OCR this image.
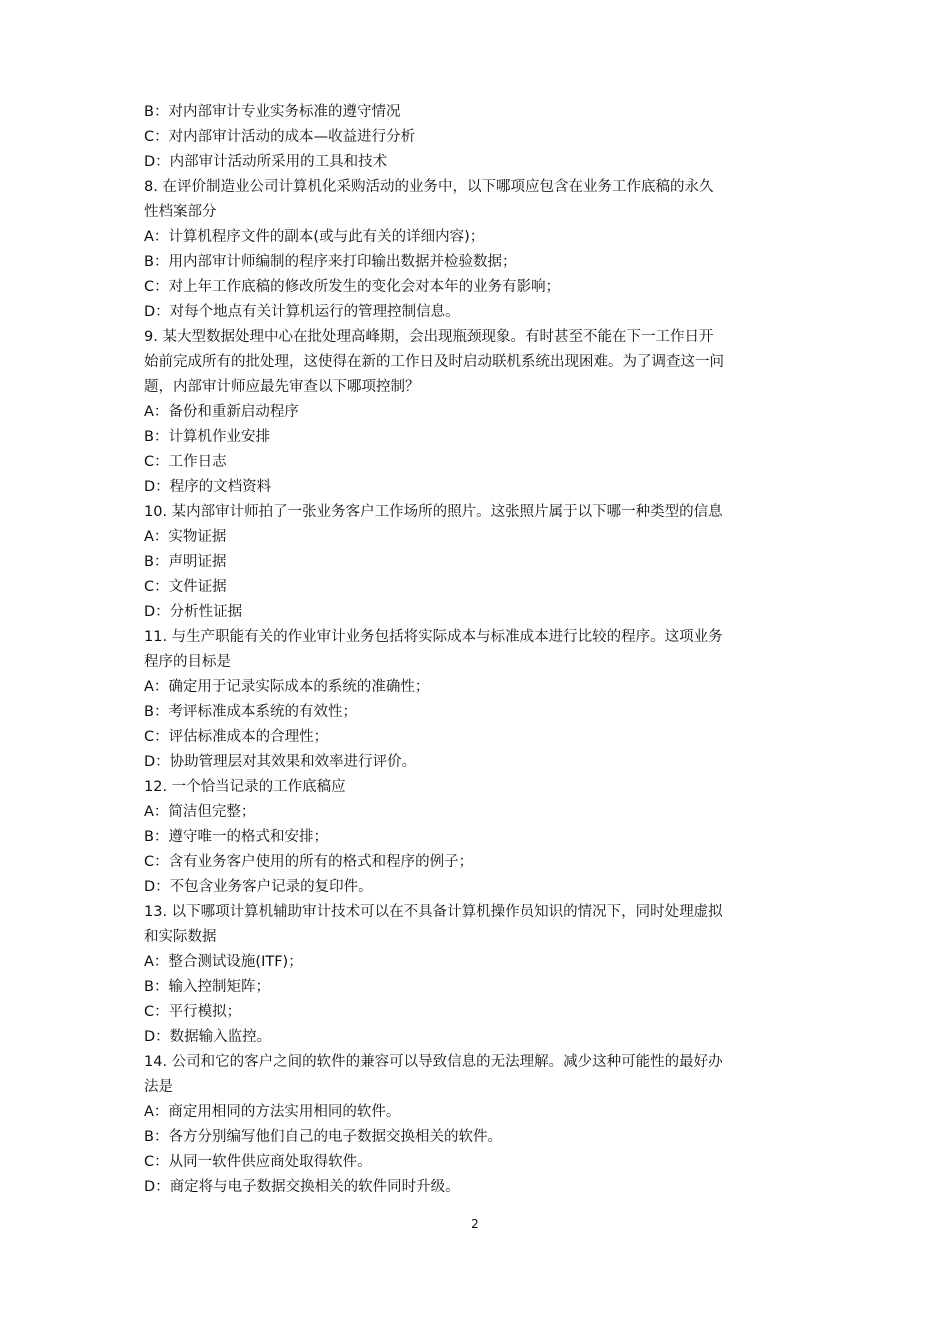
B：对内部审计专业实务标准的遵守情况
C：对内部审计活动的成本—收益进行分析
D：内部审计活动所采用的工具和技术
8. 在评价制造业公司计算机化采购活动的业务中，以下哪项应包含在业务工作底稿的永久
性档案部分
A：计算机程序文件的副本(或与此有关的详细内容)；
B：用内部审计师编制的程序来打印输出数据并检验数据；
C：对上年工作底稿的修改所发生的变化会对本年的业务有影响；
D：对每个地点有关计算机运行的管理控制信息。
9. 某大型数据处理中心在批处理高峰期，会出现瓶颈现象。有时甚至不能在下一工作日开
始前完成所有的批处理，这使得在新的工作日及时启动联机系统出现困难。为了调查这一问
题，内部审计师应最先审查以下哪项控制？
A：备份和重新启动程序
B：计算机作业安排
C：工作日志
D：程序的文档资料
10. 某内部审计师拍了一张业务客户工作场所的照片。这张照片属于以下哪一种类型的信息
A：实物证据
B：声明证据
C：文件证据
D：分析性证据
11. 与生产职能有关的作业审计业务包括将实际成本与标准成本进行比较的程序。这项业务
程序的目标是
A：确定用于记录实际成本的系统的准确性；
B：考评标准成本系统的有效性；
C：评估标准成本的合理性；
D：协助管理层对其效果和效率进行评价。
12. 一个恰当记录的工作底稿应
A：简洁但完整；
B：遵守唯一的格式和安排；
C：含有业务客户使用的所有的格式和程序的例子；
D：不包含业务客户记录的复印件。
13. 以下哪项计算机辅助审计技术可以在不具备计算机操作员知识的情况下，同时处理虚拟
和实际数据
A：整合测试设施(ITF)；
B：输入控制矩阵；
C：平行模拟；
D：数据输入监控。
14. 公司和它的客户之间的软件的兼容可以导致信息的无法理解。减少这种可能性的最好办
法是
A：商定用相同的方法实用相同的软件。
B：各方分别编写他们自己的电子数据交换相关的软件。
C：从同一软件供应商处取得软件。
D：商定将与电子数据交换相关的软件同时升级。
2
